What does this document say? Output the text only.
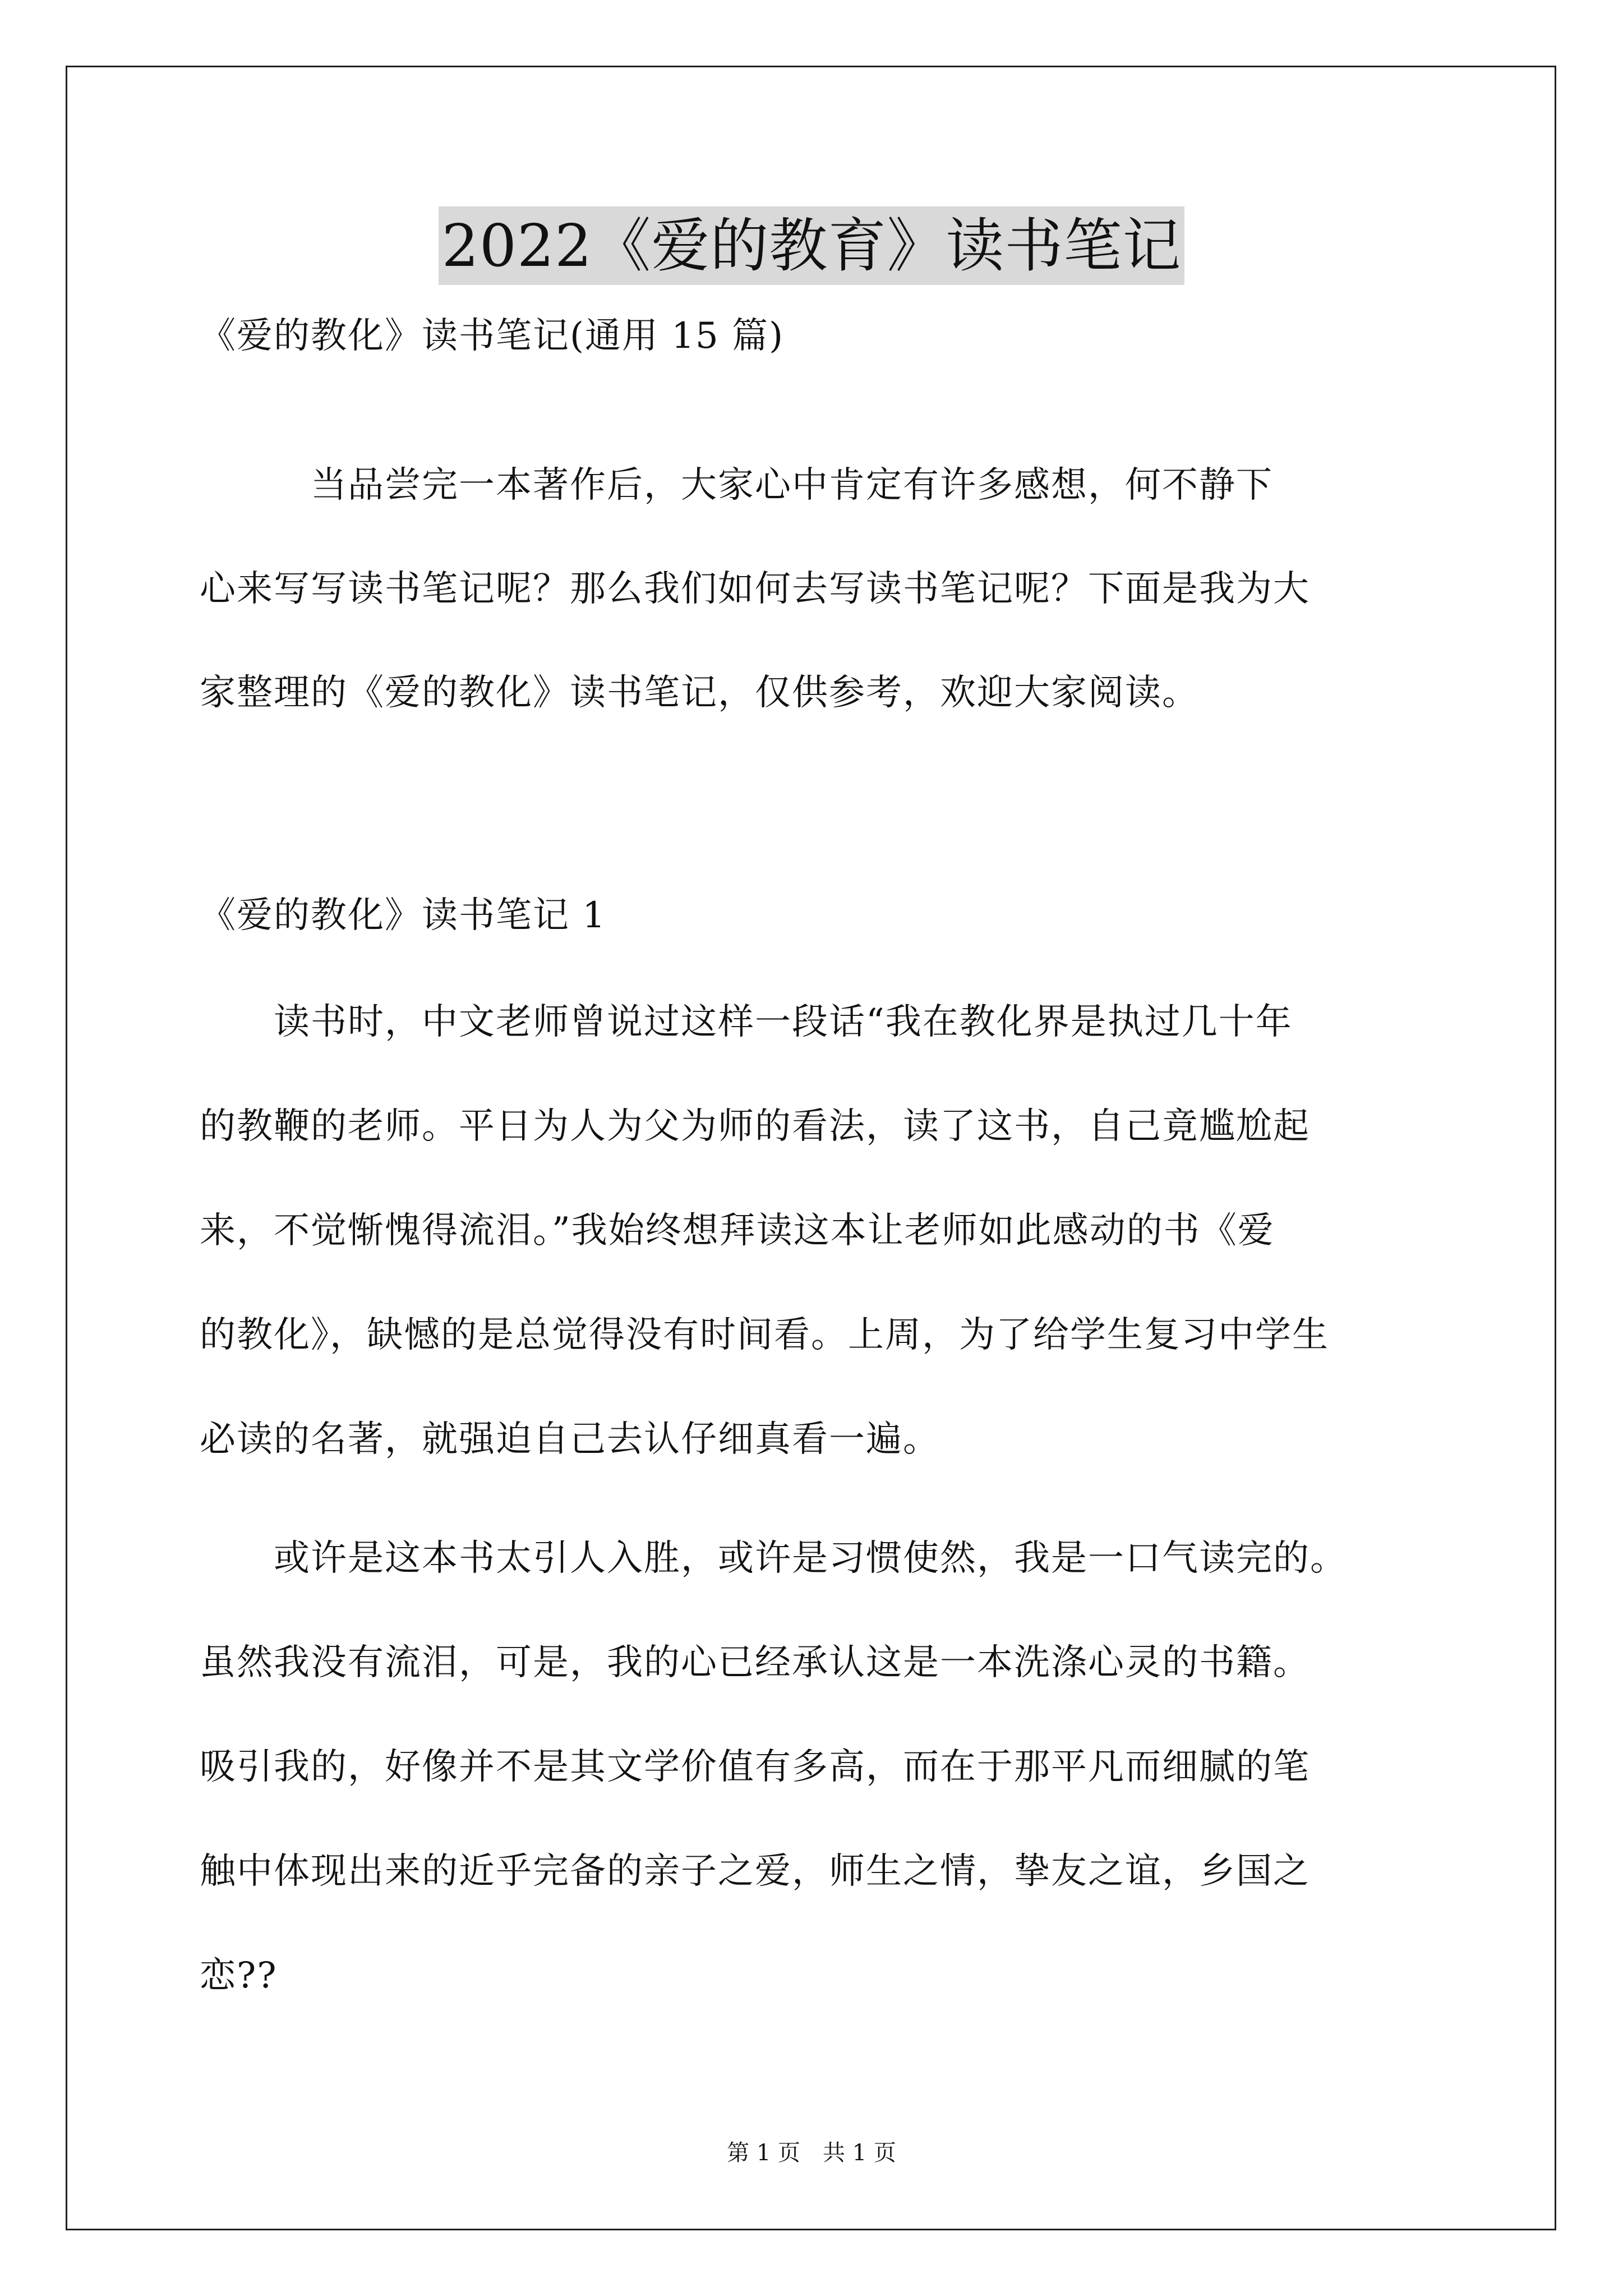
2022《爱的教育》读书笔记
《爱的教化》读书笔记(通用 15 篇)
　　　当品尝完一本著作后，大家心中肯定有许多感想，何不静下
心来写写读书笔记呢？那么我们如何去写读书笔记呢？下面是我为大
家整理的《爱的教化》读书笔记，仅供参考，欢迎大家阅读。
《爱的教化》读书笔记 1
　　读书时，中文老师曾说过这样一段话“我在教化界是执过几十年
的教鞭的老师。平日为人为父为师的看法，读了这书，自己竟尴尬起
来，不觉惭愧得流泪。”我始终想拜读这本让老师如此感动的书《爱
的教化》，缺憾的是总觉得没有时间看。上周，为了给学生复习中学生
必读的名著，就强迫自己去认仔细真看一遍。
　　或许是这本书太引人入胜，或许是习惯使然，我是一口气读完的。
虽然我没有流泪，可是，我的心已经承认这是一本洗涤心灵的书籍。
吸引我的，好像并不是其文学价值有多高，而在于那平凡而细腻的笔
触中体现出来的近乎完备的亲子之爱，师生之情，挚友之谊，乡国之
恋??
第 1 页　共 1 页
